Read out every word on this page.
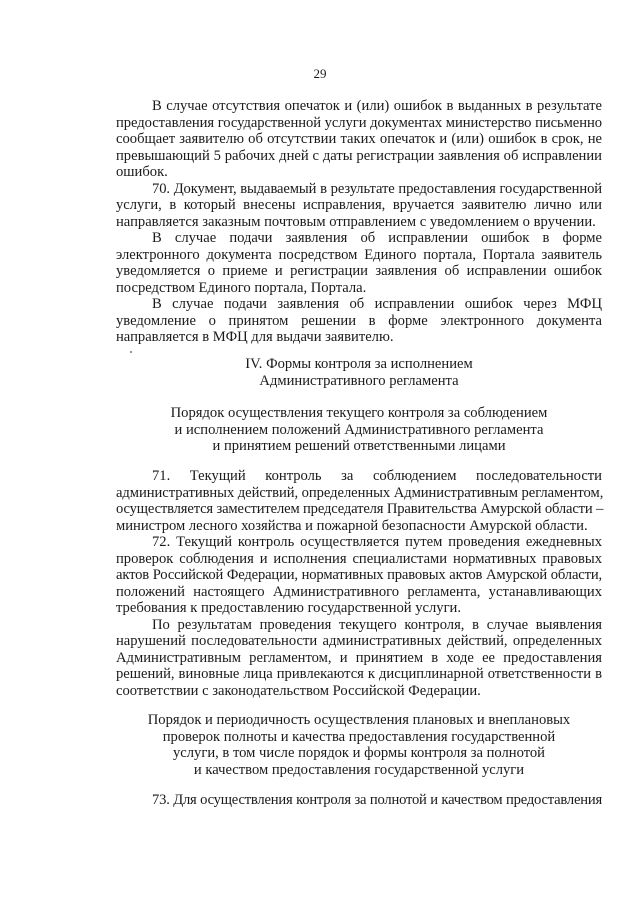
29
В случае отсутствия опечаток и (или) ошибок в выданных в результате
предоставления государственной услуги документах министерство письменно
сообщает заявителю об отсутствии таких опечаток и (или) ошибок в срок, не
превышающий 5 рабочих дней с даты регистрации заявления об исправлении
ошибок.
70. Документ, выдаваемый в результате предоставления государственной
услуги, в который внесены исправления, вручается заявителю лично или
направляется заказным почтовым отправлением с уведомлением о вручении.
В случае подачи заявления об исправлении ошибок в форме
электронного документа посредством Единого портала, Портала заявитель
уведомляется о приеме и регистрации заявления об исправлении ошибок
посредством Единого портала, Портала.
В случае подачи заявления об исправлении ошибок через МФЦ
уведомление о принятом решении в форме электронного документа
направляется в МФЦ для выдачи заявителю.
IV. Формы контроля за исполнением
Административного регламента
Порядок осуществления текущего контроля за соблюдением
и исполнением положений Административного регламента
и принятием решений ответственными лицами
71. Текущий контроль за соблюдением последовательности
административных действий, определенных Административным регламентом,
осуществляется заместителем председателя Правительства Амурской области –
министром лесного хозяйства и пожарной безопасности Амурской области.
72. Текущий контроль осуществляется путем проведения ежедневных
проверок соблюдения и исполнения специалистами нормативных правовых
актов Российской Федерации, нормативных правовых актов Амурской области,
положений настоящего Административного регламента, устанавливающих
требования к предоставлению государственной услуги.
По результатам проведения текущего контроля, в случае выявления
нарушений последовательности административных действий, определенных
Административным регламентом, и принятием в ходе ее предоставления
решений, виновные лица привлекаются к дисциплинарной ответственности в
соответствии с законодательством Российской Федерации.
Порядок и периодичность осуществления плановых и внеплановых
проверок полноты и качества предоставления государственной
услуги, в том числе порядок и формы контроля за полнотой
и качеством предоставления государственной услуги
73. Для осуществления контроля за полнотой и качеством предоставления
